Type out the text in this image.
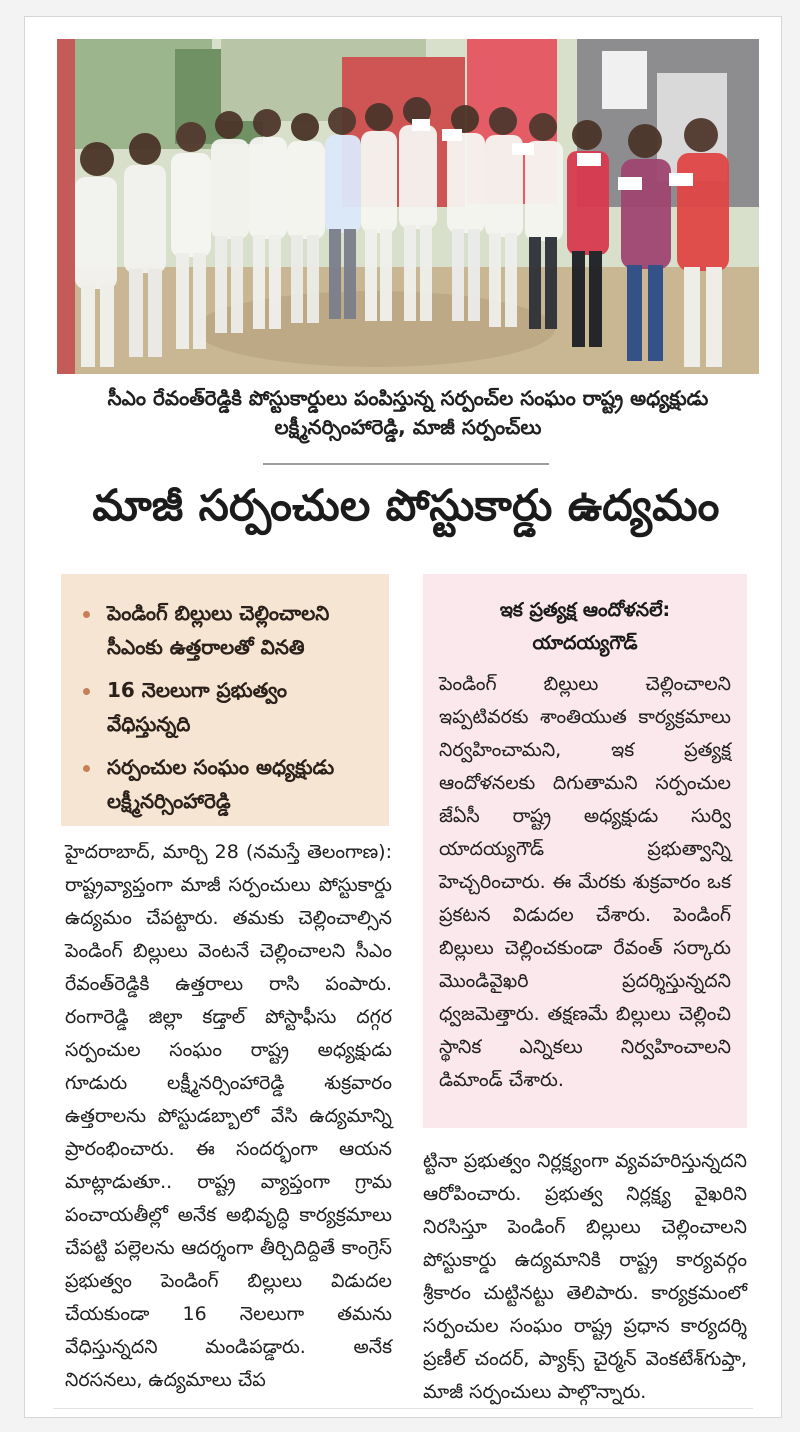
సీఎం రేవంత్‌రెడ్డికి పోస్టుకార్డులు పంపిస్తున్న సర్పంచ్‌ల సంఘం రాష్ట్ర అధ్యక్షుడు లక్ష్మీనర్సింహారెడ్డి, మాజీ సర్పంచ్‌లు
మాజీ సర్పంచుల పోస్టుకార్డు ఉద్యమం
పెండింగ్ బిల్లులు చెల్లించాలని సీఎంకు ఉత్తరాలతో వినతి
16 నెలలుగా ప్రభుత్వం వేధిస్తున్నది
సర్పంచుల సంఘం అధ్యక్షుడు లక్ష్మీనర్సింహారెడ్డి
ఇక ప్రత్యక్ష ఆందోళనలే:
యాదయ్యగౌడ్
పెండింగ్ బిల్లులు చెల్లించాలని ఇప్పటివరకు శాంతియుత కార్యక్రమాలు నిర్వహించామని, ఇక ప్రత్యక్ష ఆందోళనలకు దిగుతామని సర్పంచుల జేఏసీ రాష్ట్ర అధ్యక్షుడు సుర్వి యాదయ్యగౌడ్ ప్రభుత్వాన్ని హెచ్చరించారు. ఈ మేరకు శుక్రవారం ఒక ప్రకటన విడుదల చేశారు. పెండింగ్ బిల్లులు చెల్లించకుండా రేవంత్ సర్కారు మొండివైఖరి ప్రదర్శిస్తున్నదని ధ్వజమెత్తారు. తక్షణమే బిల్లులు చెల్లించి స్థానిక ఎన్నికలు నిర్వహించాలని డిమాండ్ చేశారు.
హైదరాబాద్, మార్చి 28 (నమస్తే తెలంగాణ): రాష్ట్రవ్యాప్తంగా మాజీ సర్పంచులు పోస్టుకార్డు ఉద్యమం చేపట్టారు. తమకు చెల్లించాల్సిన పెండింగ్ బిల్లులు వెంటనే చెల్లించాలని సీఎం రేవంత్‌రెడ్డికి ఉత్తరాలు రాసి పంపారు. రంగారెడ్డి జిల్లా కడ్తాల్ పోస్టాఫీసు దగ్గర సర్పంచుల సంఘం రాష్ట్ర అధ్యక్షుడు గూడురు లక్ష్మీనర్సింహారెడ్డి శుక్రవారం ఉత్తరాలను పోస్టుడబ్బాలో వేసి ఉద్యమాన్ని ప్రారంభించారు. ఈ సందర్భంగా ఆయన మాట్లాడుతూ.. రాష్ట్ర వ్యాప్తంగా గ్రామ పంచాయతీల్లో అనేక అభివృద్ధి కార్యక్రమాలు చేపట్టి పల్లెలను ఆదర్శంగా తీర్చిదిద్దితే కాంగ్రెస్ ప్రభుత్వం పెండింగ్ బిల్లులు విడుదల చేయకుండా 16 నెలలుగా తమను వేధిస్తున్నదని మండిపడ్డారు. అనేక నిరసనలు, ఉద్యమాలు చేప
ట్టినా ప్రభుత్వం నిర్లక్ష్యంగా వ్యవహరిస్తున్నదని ఆరోపించారు. ప్రభుత్వ నిర్లక్ష్య వైఖరిని నిరసిస్తూ పెండింగ్ బిల్లులు చెల్లించాలని పోస్టుకార్డు ఉద్యమానికి రాష్ట్ర కార్యవర్గం శ్రీకారం చుట్టినట్టు తెలిపారు. కార్యక్రమంలో సర్పంచుల సంఘం రాష్ట్ర ప్రధాన కార్యదర్శి ప్రణీల్ చందర్, ప్యాక్స్ చైర్మన్ వెంకటేశ్‌గుప్తా, మాజీ సర్పంచులు పాల్గొన్నారు.
